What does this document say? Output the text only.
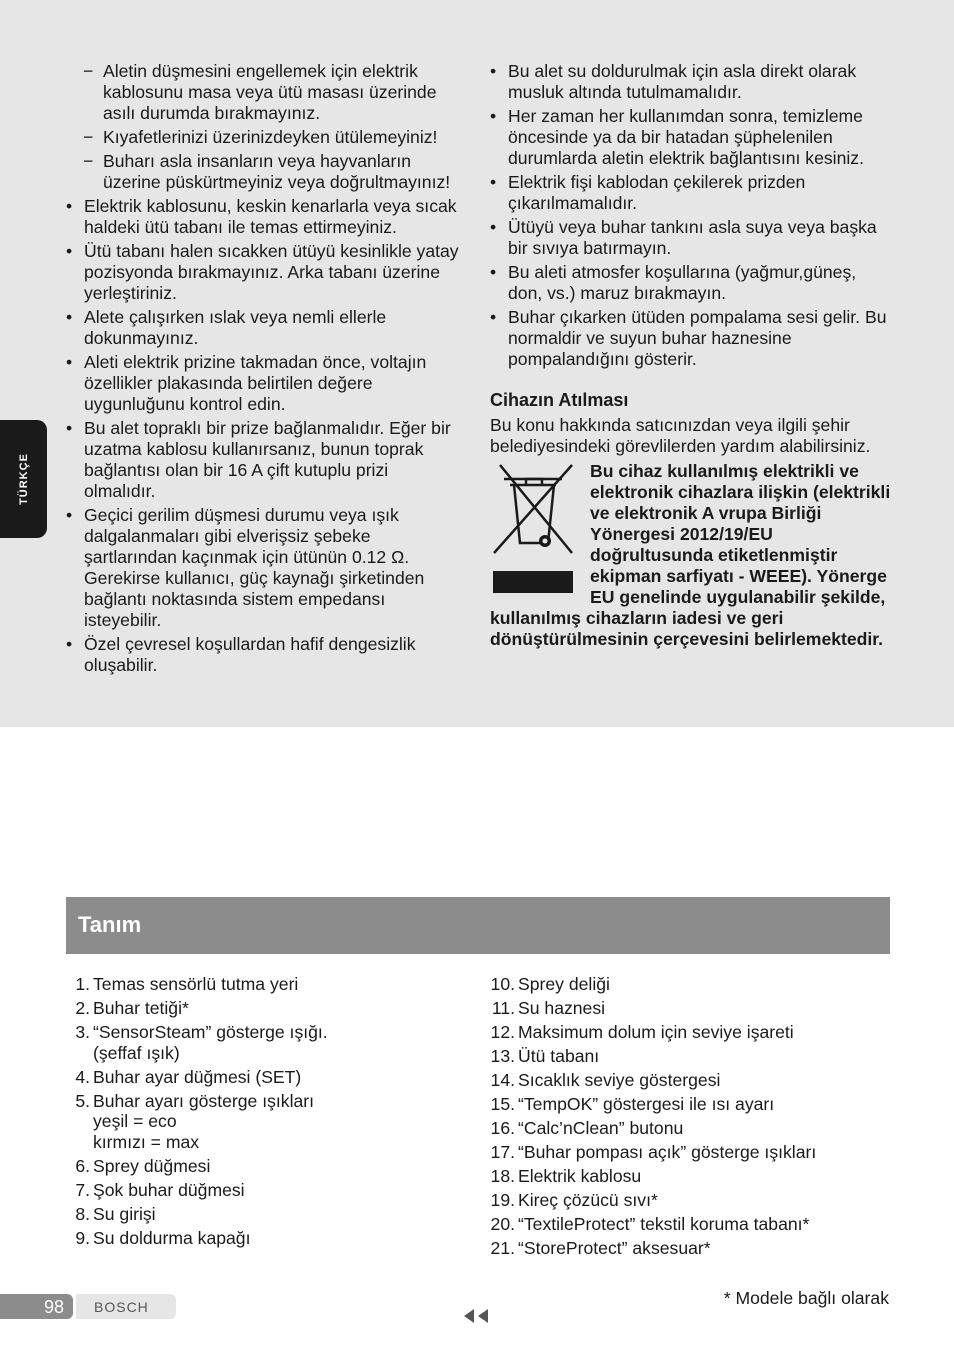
TÜRKÇE
− Aletin düşmesini engellemek için elektrik kablosunu masa veya ütü masası üzerinde asılı durumda bırakmayınız.
− Kıyafetlerinizi üzerinizdeyken ütülemeyiniz!
− Buharı asla insanların veya hayvanların üzerine püskürtmeyiniz veya doğrultmayınız!
• Elektrik kablosunu, keskin kenarlarla veya sıcak haldeki ütü tabanı ile temas ettirmeyiniz.
• Ütü tabanı halen sıcakken ütüyü kesinlikle yatay pozisyonda bırakmayınız. Arka tabanı üzerine yerleştiriniz.
• Alete çalışırken ıslak veya nemli ellerle dokunmayınız.
• Aleti elektrik prizine takmadan önce, voltajın özellikler plakasında belirtilen değere uygunluğunu kontrol edin.
• Bu alet topraklı bir prize bağlanmalıdır. Eğer bir uzatma kablosu kullanırsanız, bunun toprak bağlantısı olan bir 16 A çift kutuplu prizi olmalıdır.
• Geçici gerilim düşmesi durumu veya ışık dalgalanmaları gibi elverişsiz şebeke şartlarından kaçınmak için ütünün 0.12 Ω. Gerekirse kullanıcı, güç kaynağı şirketinden bağlantı noktasında sistem empedansı isteyebilir.
• Özel çevresel koşullardan hafif dengesizlik oluşabilir.
• Bu alet su doldurulmak için asla direkt olarak musluk altında tutulmamalıdır.
• Her zaman her kullanımdan sonra, temizleme öncesinde ya da bir hatadan şüphelenilen durumlarda aletin elektrik bağlantısını kesiniz.
• Elektrik fişi kablodan çekilerek prizden çıkarılmamalıdır.
• Ütüyü veya buhar tankını asla suya veya başka bir sıvıya batırmayın.
• Bu aleti atmosfer koşullarına (yağmur,güneş, don, vs.) maruz bırakmayın.
• Buhar çıkarken ütüden pompalama sesi gelir. Bu normaldir ve suyun buhar haznesine pompalandığını gösterir.
Cihazın Atılması
Bu konu hakkında satıcınızdan veya ilgili şehir belediyesindeki görevlilerden yardım alabilirsiniz.
Bu cihaz kullanılmış elektrikli ve elektronik cihazlara ilişkin (elektrikli ve elektronik A vrupa Birliği Yönergesi 2012/19/EU doğrultusunda etiketlenmiştir ekipman sarfiyatı - WEEE). Yönerge EU genelinde uygulanabilir şekilde, kullanılmış cihazların iadesi ve geri dönüştürülmesinin çerçevesini belirlemektedir.
Tanım
1. Temas sensörlü tutma yeri
2. Buhar tetiği*
3. “SensorSteam” gösterge ışığı.
(şeffaf ışık)
4. Buhar ayar düğmesi (SET)
5. Buhar ayarı gösterge ışıkları
yeşil = eco
kırmızı = max
6. Sprey düğmesi
7. Şok buhar düğmesi
8. Su girişi
9. Su doldurma kapağı
10. Sprey deliği
11. Su haznesi
12. Maksimum dolum için seviye işareti
13. Ütü tabanı
14. Sıcaklık seviye göstergesi
15. “TempOK” göstergesi ile ısı ayarı
16. “Calc’nClean” butonu
17. “Buhar pompası açık” gösterge ışıkları
18. Elektrik kablosu
19. Kireç çözücü sıvı*
20. “TextileProtect” tekstil koruma tabanı*
21. “StoreProtect” aksesuar*
* Modele bağlı olarak
98 BOSCH
